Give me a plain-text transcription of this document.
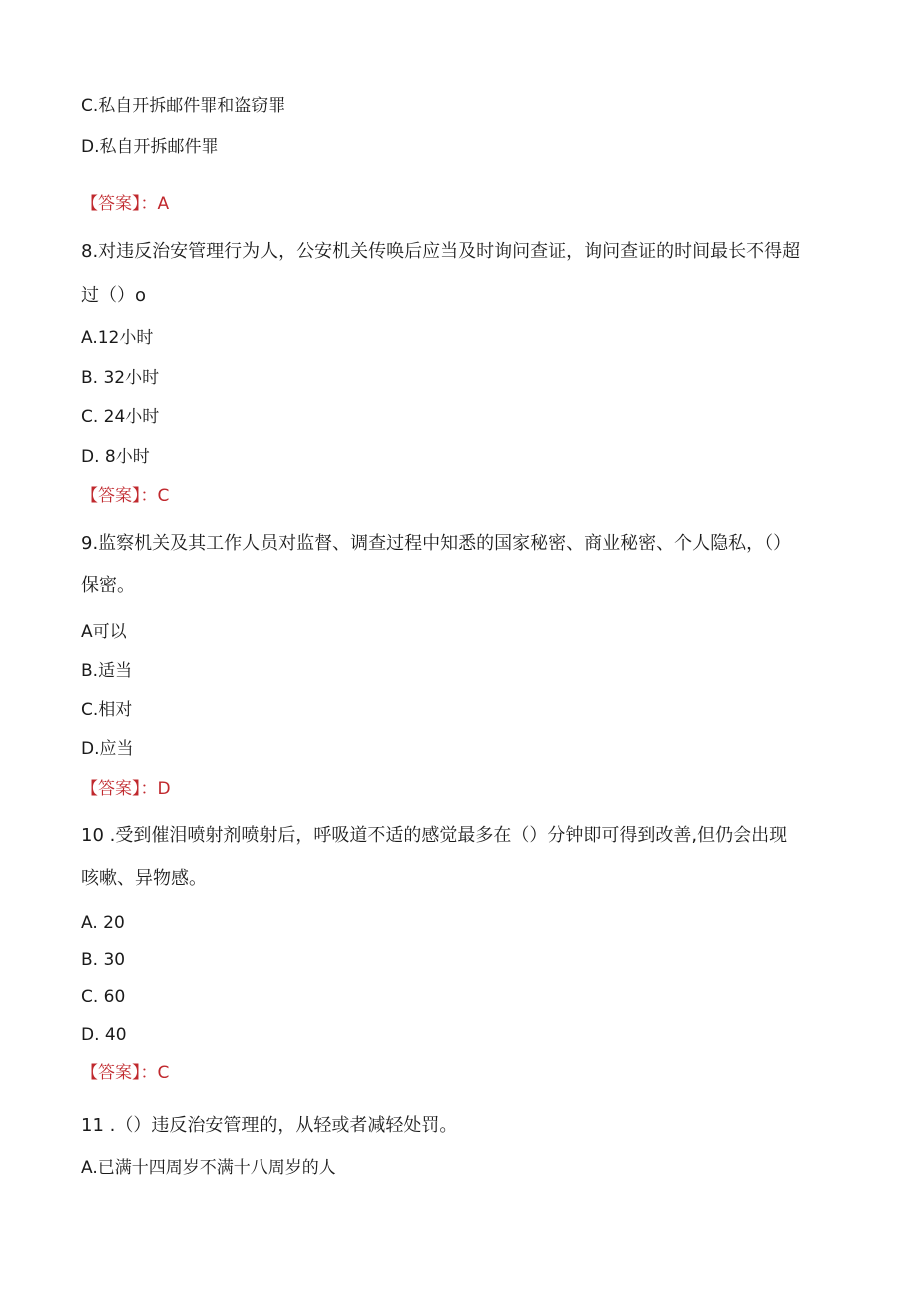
C.私自开拆邮件罪和盗窃罪
D.私自开拆邮件罪
【答案】：A
8.对违反治安管理行为人，公安机关传唤后应当及时询问查证，询问查证的时间最长不得超
过（）o
A.12小时
B. 32小时
C. 24小时
D. 8小时
【答案】：C
9.监察机关及其工作人员对监督、调查过程中知悉的国家秘密、商业秘密、个人隐私，（）
保密。
A可以
B.适当
C.相对
D.应当
【答案】：D
10 .受到催泪喷射剂喷射后，呼吸道不适的感觉最多在（）分钟即可得到改善,但仍会出现
咳嗽、异物感。
A. 20
B. 30
C. 60
D. 40
【答案】：C
11 .（）违反治安管理的，从轻或者减轻处罚。
A.已满十四周岁不满十八周岁的人
